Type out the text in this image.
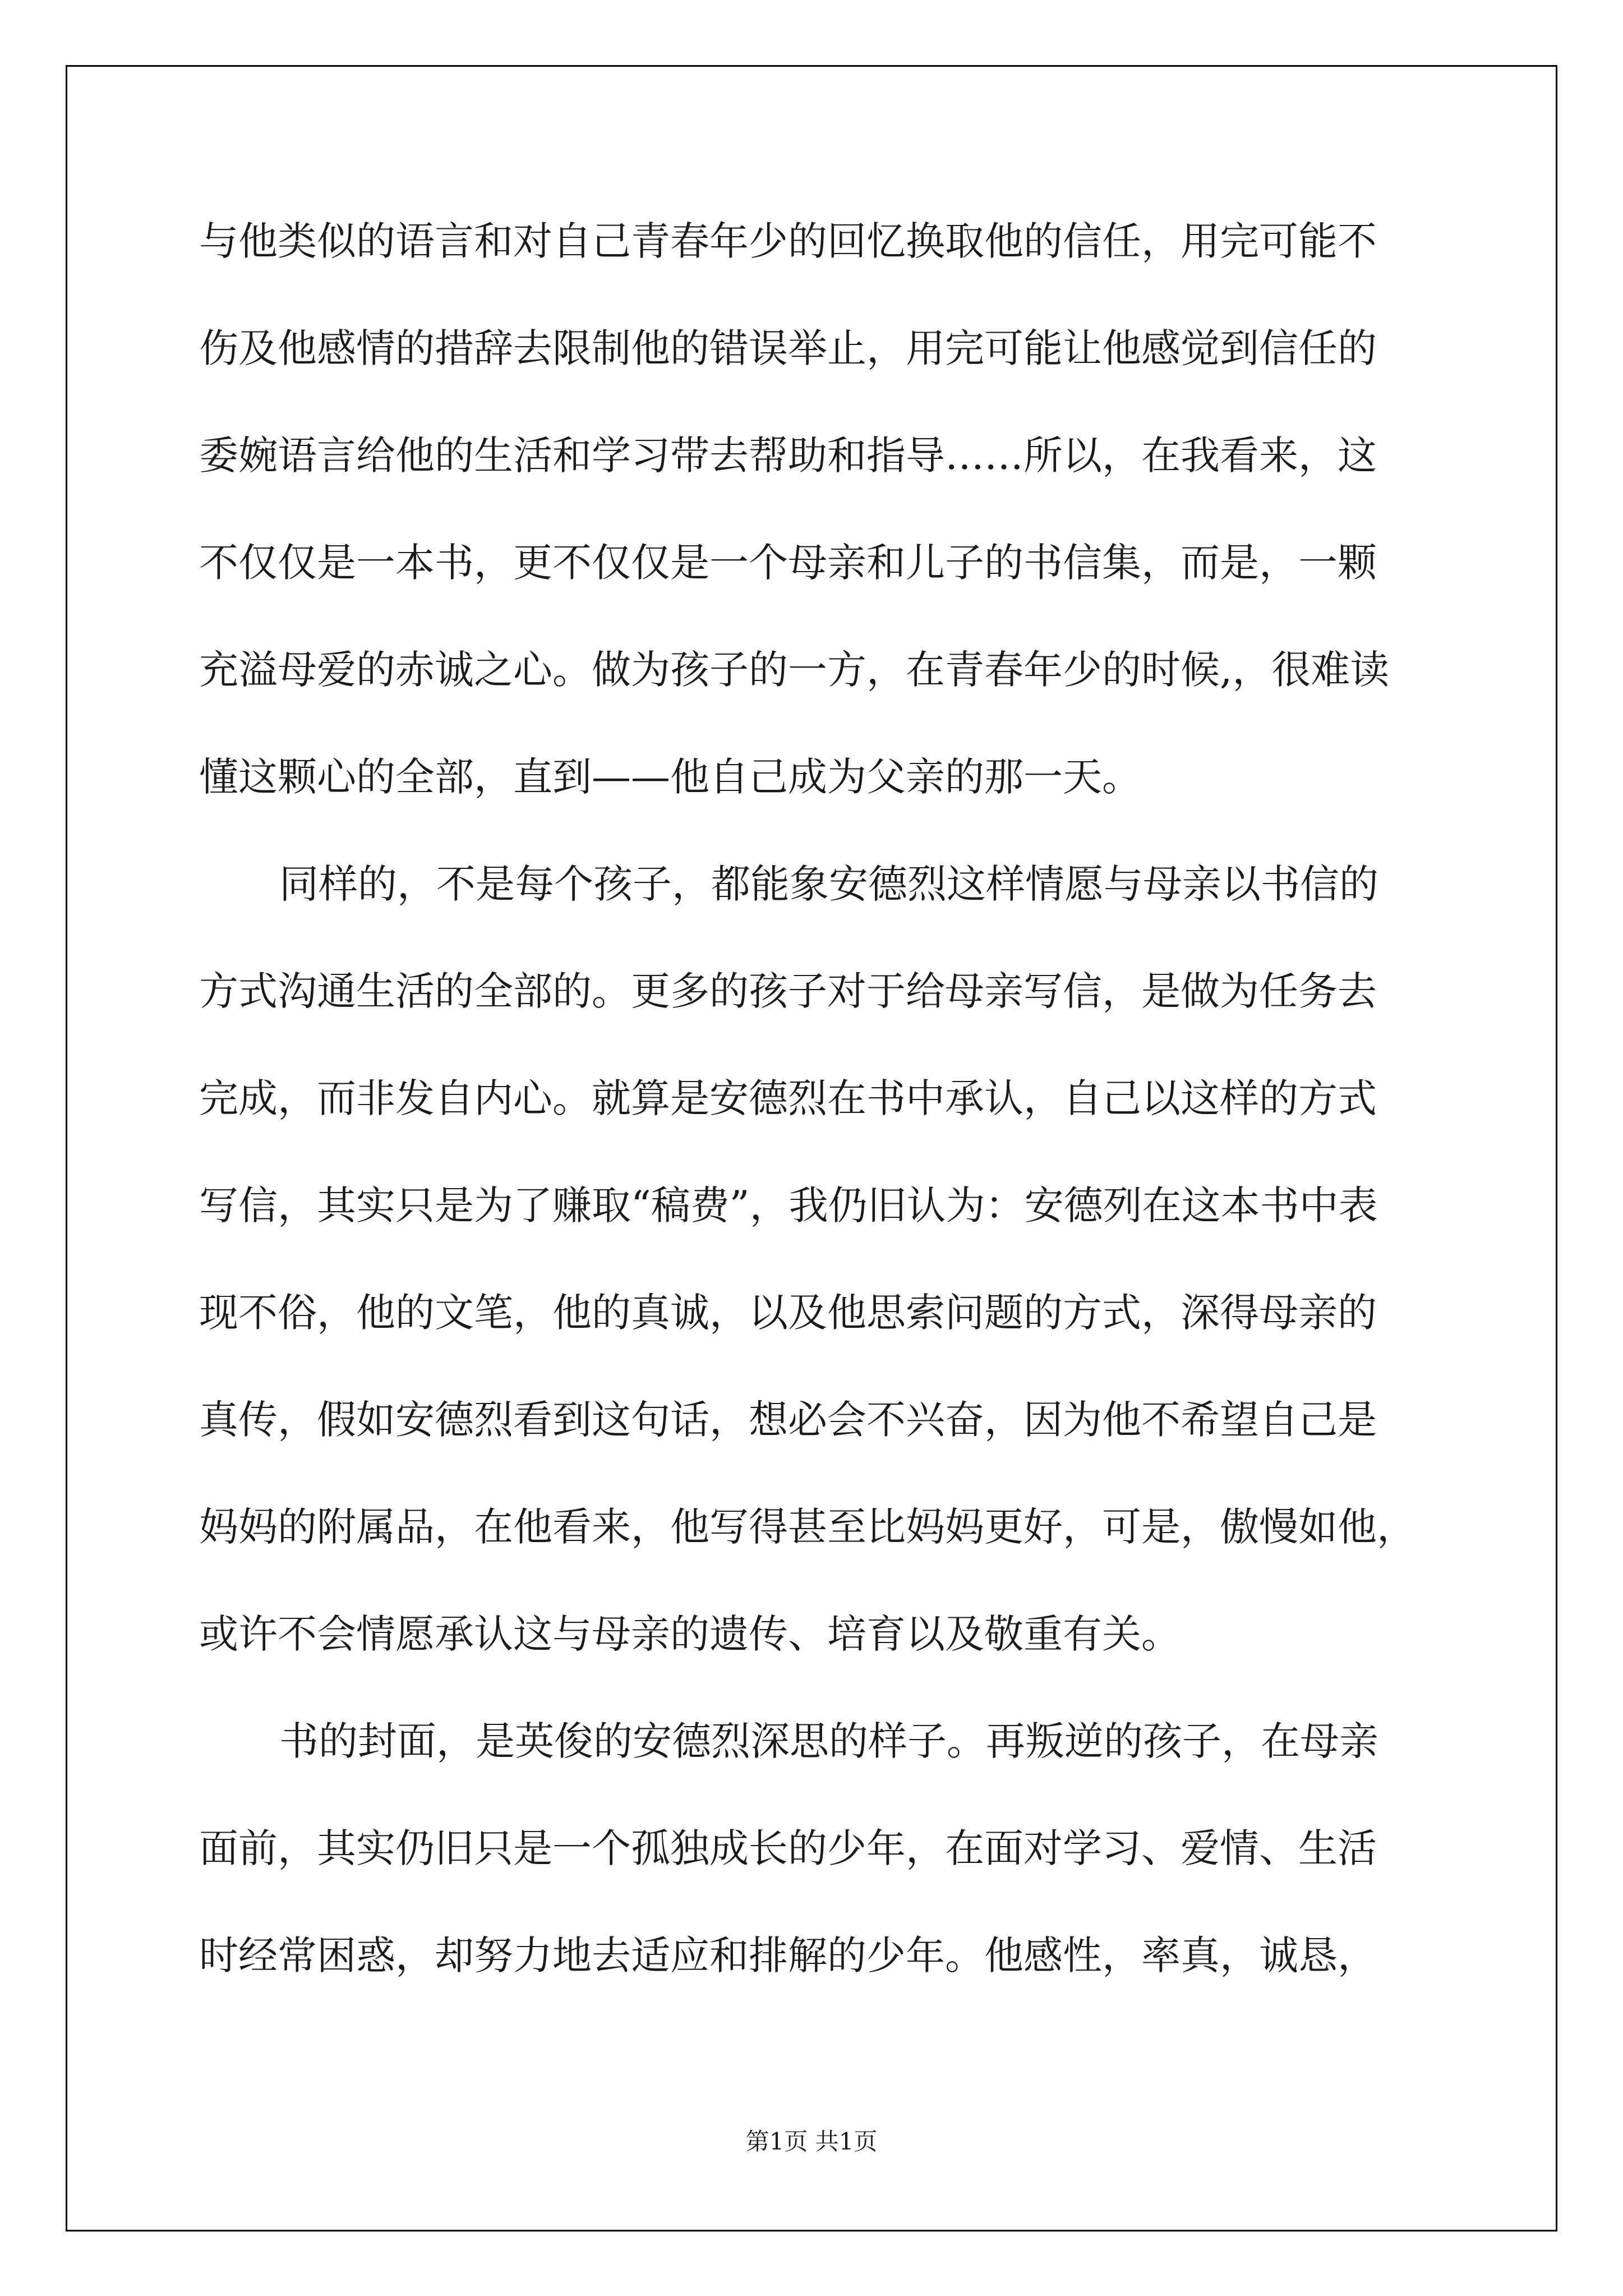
与他类似的语言和对自己青春年少的回忆换取他的信任，用完可能不
伤及他感情的措辞去限制他的错误举止，用完可能让他感觉到信任的
委婉语言给他的生活和学习带去帮助和指导……所以，在我看来，这
不仅仅是一本书，更不仅仅是一个母亲和儿子的书信集，而是，一颗
充溢母爱的赤诚之心。做为孩子的一方，在青春年少的时候,，很难读
懂这颗心的全部，直到——他自己成为父亲的那一天。
同样的，不是每个孩子，都能象安德烈这样情愿与母亲以书信的
方式沟通生活的全部的。更多的孩子对于给母亲写信，是做为任务去
完成，而非发自内心。就算是安德烈在书中承认，自己以这样的方式
写信，其实只是为了赚取“稿费”，我仍旧认为：安德列在这本书中表
现不俗，他的文笔，他的真诚，以及他思索问题的方式，深得母亲的
真传，假如安德烈看到这句话，想必会不兴奋，因为他不希望自己是
妈妈的附属品，在他看来，他写得甚至比妈妈更好，可是，傲慢如他，
或许不会情愿承认这与母亲的遗传、培育以及敬重有关。
书的封面，是英俊的安德烈深思的样子。再叛逆的孩子，在母亲
面前，其实仍旧只是一个孤独成长的少年，在面对学习、爱情、生活
时经常困惑，却努力地去适应和排解的少年。他感性，率真，诚恳，
第1页 共1页
